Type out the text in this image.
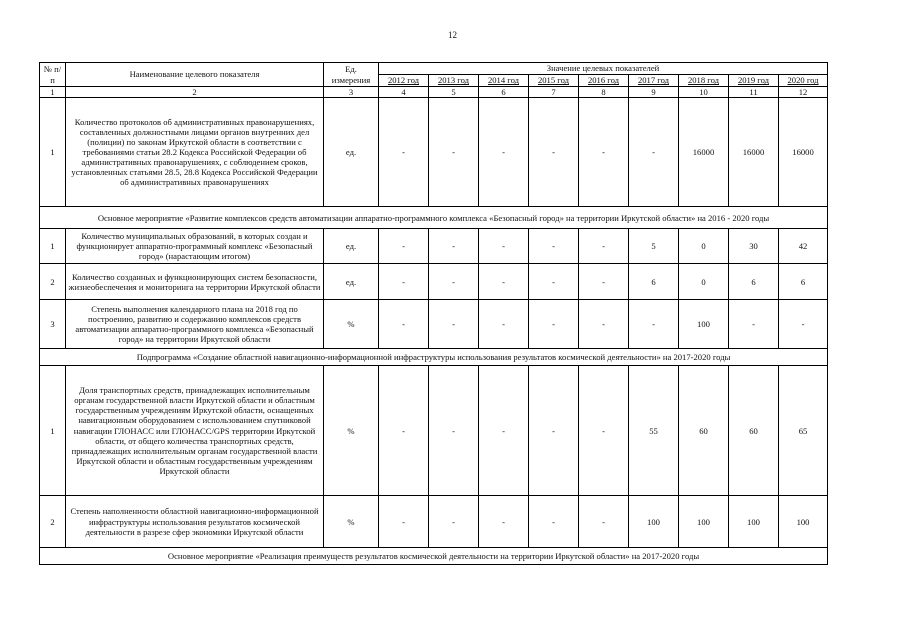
12
№ п/п	Наименование целевого показателя	Ед. измерения	Значение целевых показателей								
			2012 год	2013 год	2014 год	2015 год	2016 год	2017 год	2018 год	2019 год	2020 год
1	2	3	4	5	6	7	8	9	10	11	12
1	Количество протоколов об административных правонарушениях, составленных должностными лицами органов внутренних дел (полиции) по законам Иркутской области в соответствии с требованиями статьи 28.2 Кодекса Российской Федерации об административных правонарушениях, с соблюдением сроков, установленных статьями 28.5, 28.8 Кодекса Российской Федерации об административных правонарушениях	ед.	-	-	-	-	-	-	16000	16000	16000

Основное мероприятие «Развитие комплексов средств автоматизации аппаратно-программного комплекса «Безопасный город» на территории Иркутской области» на 2016 - 2020 годы											

1	Количество муниципальных образований, в которых создан и функционирует аппаратно-программный комплекс «Безопасный город» (нарастающим итогом)	ед.	-	-	-	-	-	5	0	30	42
2	Количество созданных и функционирующих систем безопасности, жизнеобеспечения и мониторинга на территории Иркутской области	ед.	-	-	-	-	-	6	0	6	6
3	Степень выполнения календарного плана на 2018 год по построению, развитию и содержанию комплексов средств автоматизации аппаратно-программного комплекса «Безопасный город» на территории Иркутской области	%	-	-	-	-	-	-	100	-	-

Подпрограмма «Создание областной навигационно-информационной инфраструктуры использования результатов космической деятельности» на 2017-2020 годы											

1	Доля транспортных средств, принадлежащих исполнительным органам государственной власти Иркутской области и областным государственным учреждениям Иркутской области, оснащенных навигационным оборудованием с использованием спутниковой навигации ГЛОНАСС или ГЛОНАСС/GPS территории Иркутской области, от общего количества транспортных средств, принадлежащих исполнительным органам государственной власти Иркутской области и областным государственным учреждениям Иркутской области	%	-	-	-	-	-	55	60	60	65
2	Степень наполненности областной навигационно-информационной инфраструктуры использования результатов космической деятельности в разрезе сфер экономики Иркутской области	%	-	-	-	-	-	100	100	100	100

Основное мероприятие «Реализация преимуществ результатов космической деятельности на территории Иркутской области» на 2017-2020 годы											
